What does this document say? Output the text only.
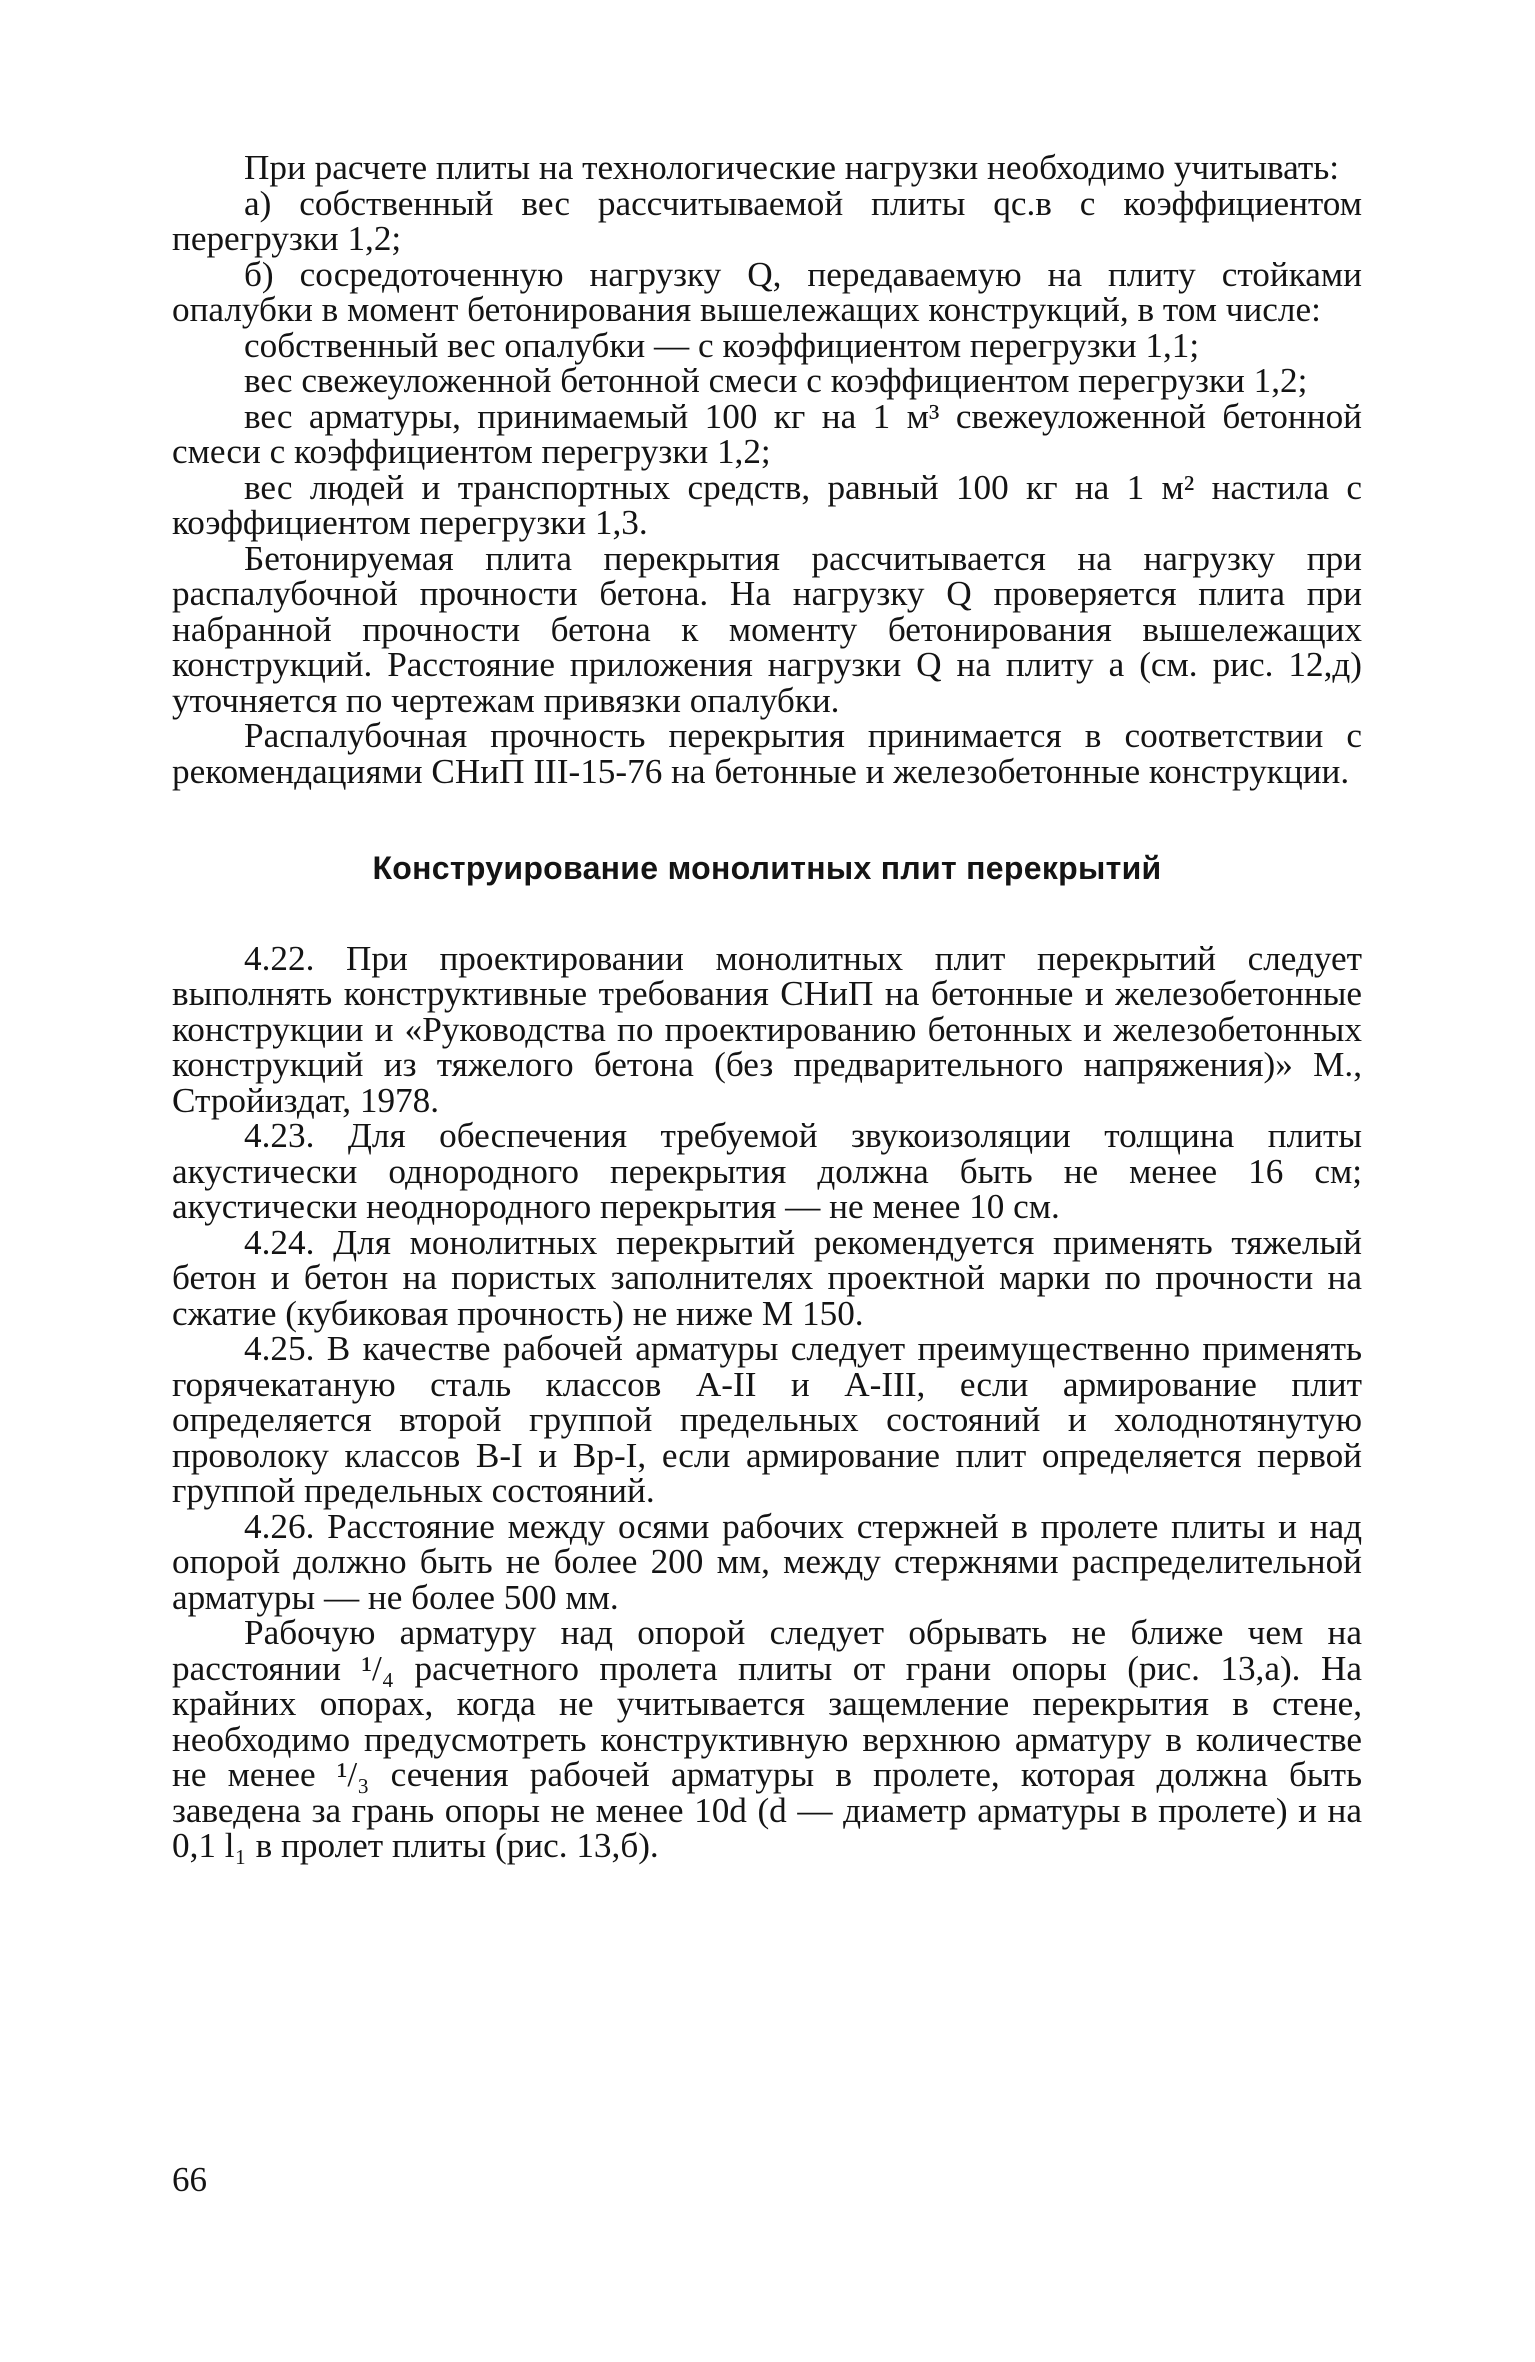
При расчете плиты на технологические нагрузки необходимо учитывать:

а) собственный вес рассчитываемой плиты qс.в с коэффициентом перегрузки 1,2;

б) сосредоточенную нагрузку Q, передаваемую на плиту стойками опалубки в момент бетонирования вышележащих конструкций, в том числе:

собственный вес опалубки — с коэффициентом перегрузки 1,1;

вес свежеуложенной бетонной смеси с коэффициентом перегрузки 1,2;

вес арматуры, принимаемый 100 кг на 1 м³ свежеуложенной бетонной смеси с коэффициентом перегрузки 1,2;

вес людей и транспортных средств, равный 100 кг на 1 м² настила с коэффициентом перегрузки 1,3.

Бетонируемая плита перекрытия рассчитывается на нагрузку при распалубочной прочности бетона. На нагрузку Q проверяется плита при набранной прочности бетона к моменту бетонирования вышележащих конструкций. Расстояние приложения нагрузки Q на плиту a (см. рис. 12,д) уточняется по чертежам привязки опалубки.

Распалубочная прочность перекрытия принимается в соответствии с рекомендациями СНиП III-15-76 на бетонные и железобетонные конструкции.

Конструирование монолитных плит перекрытий

4.22. При проектировании монолитных плит перекрытий следует выполнять конструктивные требования СНиП на бетонные и железобетонные конструкции и «Руководства по проектированию бетонных и железобетонных конструкций из тяжелого бетона (без предварительного напряжения)» М., Стройиздат, 1978.

4.23. Для обеспечения требуемой звукоизоляции толщина плиты акустически однородного перекрытия должна быть не менее 16 см; акустически неоднородного перекрытия — не менее 10 см.

4.24. Для монолитных перекрытий рекомендуется применять тяжелый бетон и бетон на пористых заполнителях проектной марки по прочности на сжатие (кубиковая прочность) не ниже М 150.

4.25. В качестве рабочей арматуры следует преимущественно применять горячекатаную сталь классов А-II и А-III, если армирование плит определяется второй группой предельных состояний и холоднотянутую проволоку классов В-I и Вр-I, если армирование плит определяется первой группой предельных состояний.

4.26. Расстояние между осями рабочих стержней в пролете плиты и над опорой должно быть не более 200 мм, между стержнями распределительной арматуры — не более 500 мм.

Рабочую арматуру над опорой следует обрывать не ближе чем на расстоянии ¹/₄ расчетного пролета плиты от грани опоры (рис. 13,а). На крайних опорах, когда не учитывается защемление перекрытия в стене, необходимо предусмотреть конструктивную верхнюю арматуру в количестве не менее ¹/₃ сечения рабочей арматуры в пролете, которая должна быть заведена за грань опоры не менее 10d (d — диаметр арматуры в пролете) и на 0,1 l₁ в пролет плиты (рис. 13,б).

66
